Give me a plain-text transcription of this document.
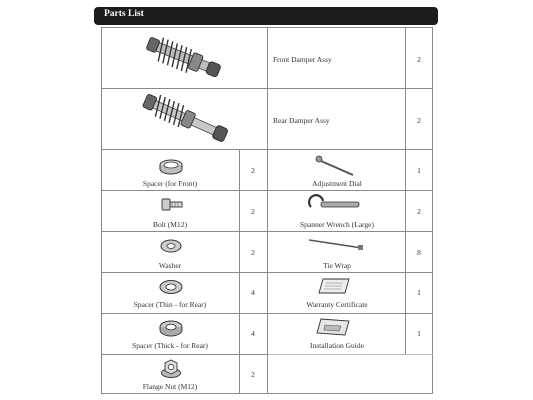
Parts List
Front Damper Assy	2
Rear Damper Assy	2
Spacer (for Front)
2
Adjustment Dial
1
Bolt (M12)
2
Spanner Wrench (Large)
2
Washer
2
Tie Wrap
8
Spacer (Thin - for Rear)
4
Warranty Certificate
1
Spacer (Thick - for Rear)
4
Installation Guide
1
Flange Nut (M12)
2
